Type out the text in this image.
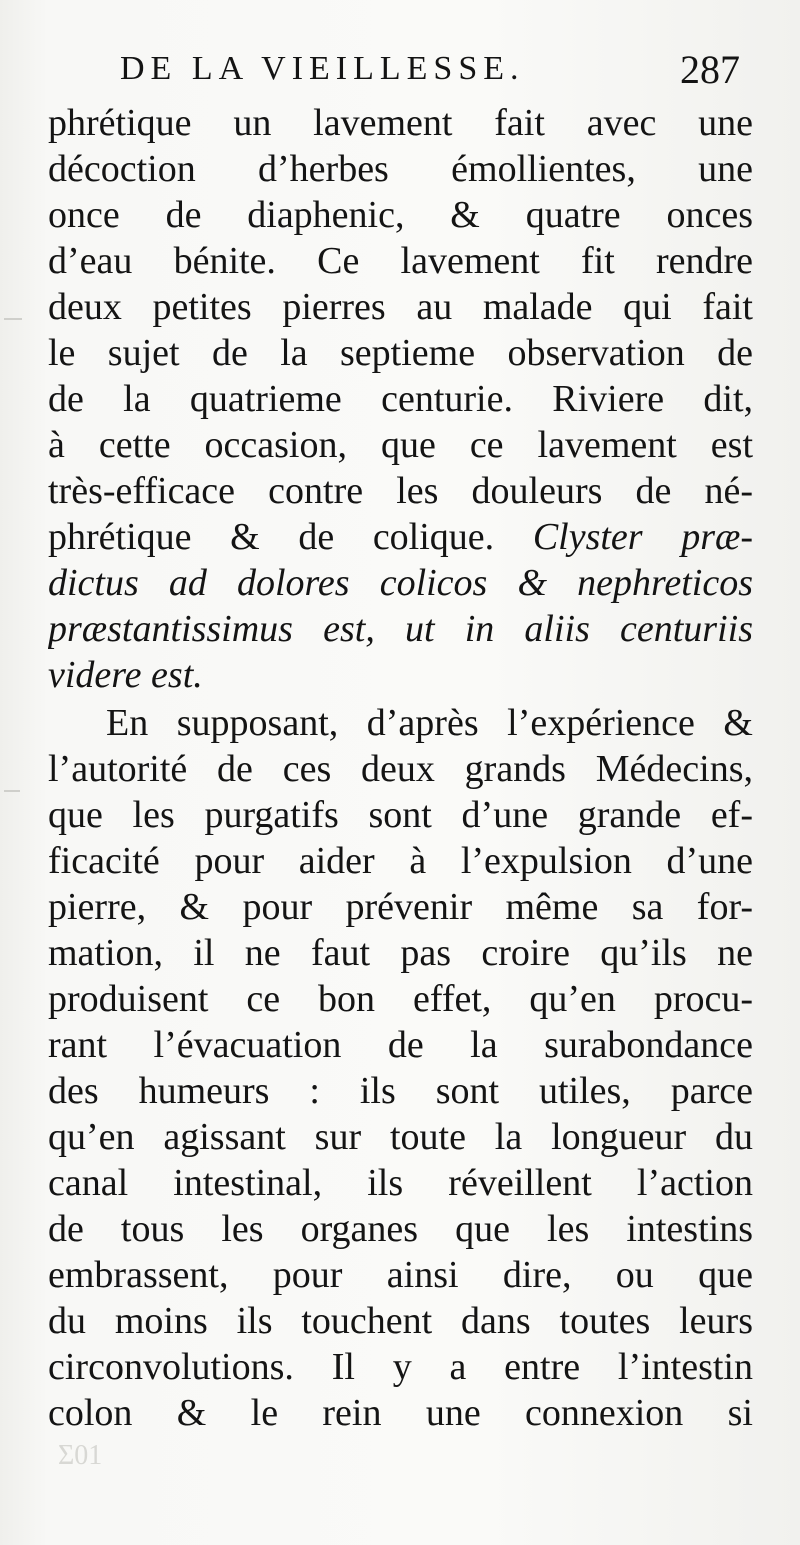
DE LA VIEILLESSE.	287
phrétique un lavement fait avec une
décoction d’herbes émollientes, une
once de diaphenic, & quatre onces
d’eau bénite. Ce lavement fit rendre
deux petites pierres au malade qui fait
le sujet de la septieme observation de
de la quatrieme centurie. Riviere dit,
à cette occasion, que ce lavement est
très-efficace contre les douleurs de né-
phrétique & de colique. Clyster præ-
dictus ad dolores colicos & nephreticos
præstantissimus est, ut in aliis centuriis
videre est.
En supposant, d’après l’expérience &
l’autorité de ces deux grands Médecins,
que les purgatifs sont d’une grande ef-
ficacité pour aider à l’expulsion d’une
pierre, & pour prévenir même sa for-
mation, il ne faut pas croire qu’ils ne
produisent ce bon effet, qu’en procu-
rant l’évacuation de la surabondance
des humeurs : ils sont utiles, parce
qu’en agissant sur toute la longueur du
canal intestinal, ils réveillent l’action
de tous les organes que les intestins
embrassent, pour ainsi dire, ou que
du moins ils touchent dans toutes leurs
circonvolutions. Il y a entre l’intestin
colon & le rein une connexion si
Σ01
